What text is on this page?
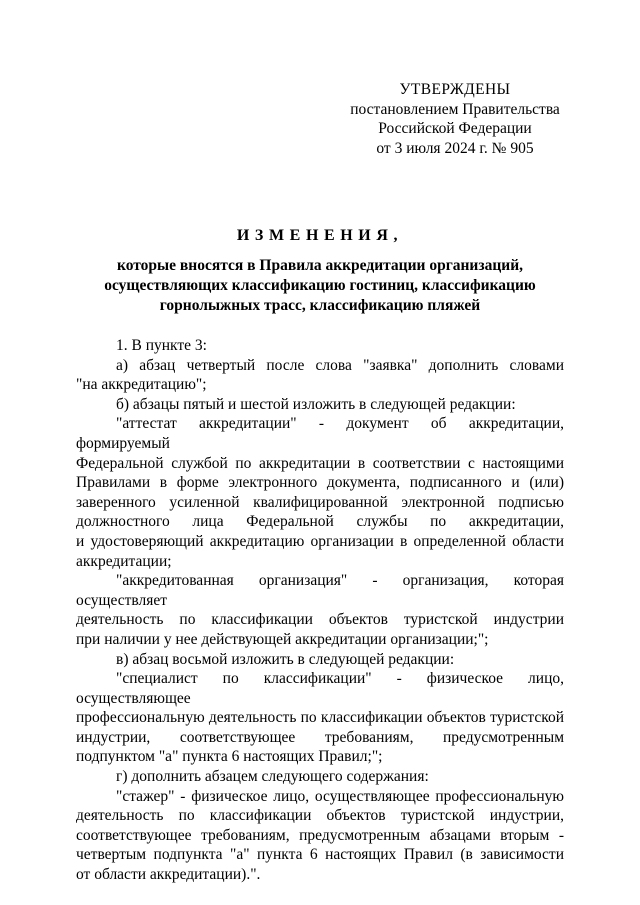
УТВЕРЖДЕНЫ
постановлением Правительства
Российской Федерации
от 3 июля 2024 г. № 905
ИЗМЕНЕНИЯ,
которые вносятся в Правила аккредитации организаций,
осуществляющих классификацию гостиниц, классификацию
горнолыжных трасс, классификацию пляжей

1. В пункте 3:

а) абзац четвертый после слова "заявка" дополнить словами
"на аккредитацию";

б) абзацы пятый и шестой изложить в следующей редакции:

"аттестат аккредитации" - документ об аккредитации, формируемый
Федеральной службой по аккредитации в соответствии с настоящими
Правилами в форме электронного документа, подписанного и (или)
заверенного усиленной квалифицированной электронной подписью
должностного лица Федеральной службы по аккредитации,
и удостоверяющий аккредитацию организации в определенной области
аккредитации;

"аккредитованная организация" - организация, которая осуществляет
деятельность по классификации объектов туристской индустрии
при наличии у нее действующей аккредитации организации;";

в) абзац восьмой изложить в следующей редакции:

"специалист по классификации" - физическое лицо, осуществляющее
профессиональную деятельность по классификации объектов туристской
индустрии, соответствующее требованиям, предусмотренным
подпунктом "а" пункта 6 настоящих Правил;";

г) дополнить абзацем следующего содержания:

"стажер" - физическое лицо, осуществляющее профессиональную
деятельность по классификации объектов туристской индустрии,
соответствующее требованиям, предусмотренным абзацами вторым -
четвертым подпункта "а" пункта 6 настоящих Правил (в зависимости
от области аккредитации).".
